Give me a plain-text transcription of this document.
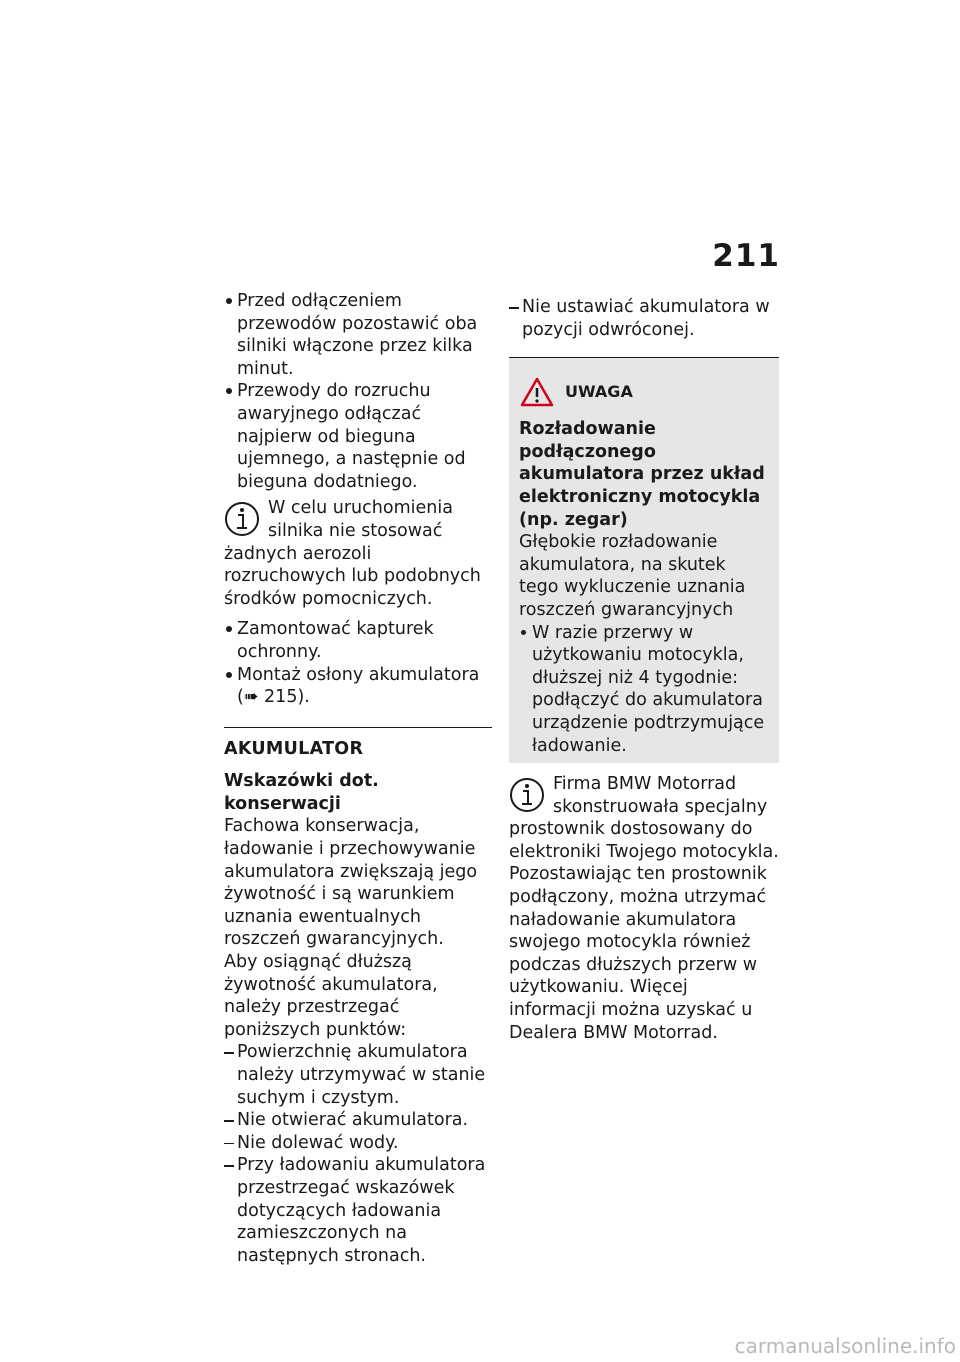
211
Przed odłączeniem przewodów pozostawić oba silniki włączone przez kilka minut.
Przewody do rozruchu awaryjnego odłączać najpierw od bieguna ujemnego, a następnie od bieguna dodatniego.

W celu uruchomienia silnika nie stosować żadnych aerozoli rozruchowych lub podobnych środków pomocniczych.

Zamontować kapturek ochronny.
Montaż osłony akumulatora (➠ 215).
AKUMULATOR
Wskazówki dot. konserwacji

Fachowa konserwacja, ładowanie i przechowywanie akumulatora zwiększają jego żywotność i są warunkiem uznania ewentualnych roszczeń gwarancyjnych.

Aby osiągnąć dłuższą żywotność akumulatora, należy przestrzegać poniższych punktów:

Powierzchnię akumulatora należy utrzymywać w stanie suchym i czystym.
Nie otwierać akumulatora.
Nie dolewać wody.
Przy ładowaniu akumulatora przestrzegać wskazówek dotyczących ładowania zamieszczonych na następnych stronach.
Nie ustawiać akumulatora w pozycji odwróconej.
UWAGA

Rozładowanie podłączonego akumulatora przez układ elektroniczny motocykla (np. zegar)

Głębokie rozładowanie akumulatora, na skutek tego wykluczenie uznania roszczeń gwarancyjnych

W razie przerwy w użytkowaniu motocykla, dłuższej niż 4 tygodnie: podłączyć do akumulatora urządzenie podtrzymujące ładowanie.

Firma BMW Motorrad skonstruowała specjalny prostownik dostosowany do elektroniki Twojego motocykla. Pozostawiając ten prostownik podłączony, można utrzymać naładowanie akumulatora swojego motocykla również podczas dłuższych przerw w użytkowaniu. Więcej informacji można uzyskać u Dealera BMW Motorrad.

carmanualsonline.info
